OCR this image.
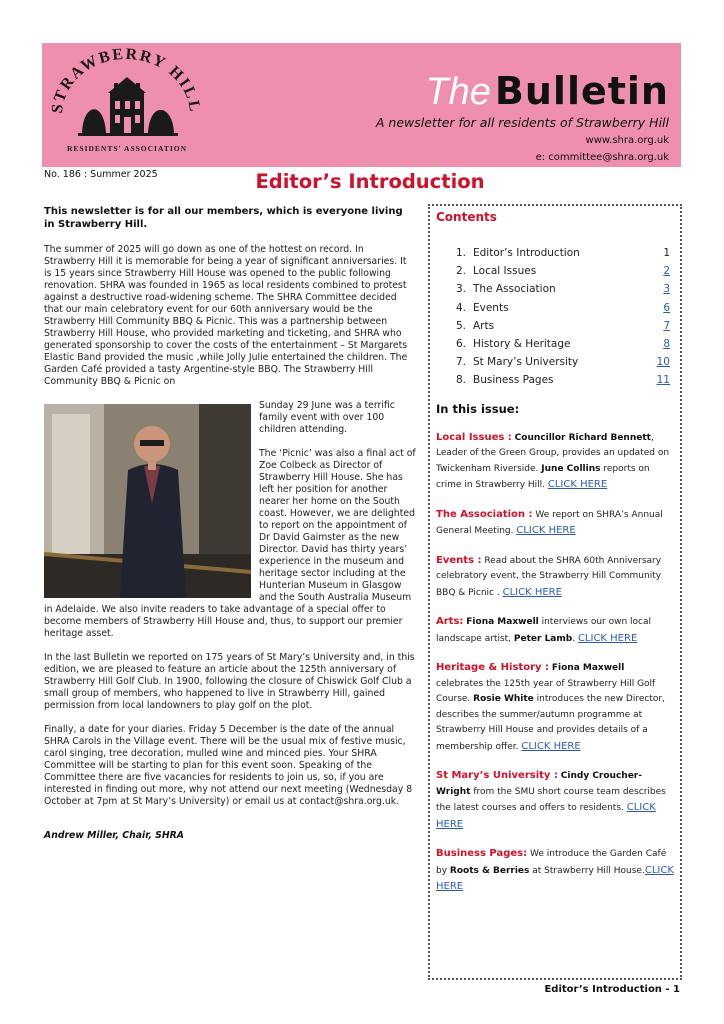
STRAWBERRY HILL
RESIDENTS' ASSOCIATION
The Bulletin
A newsletter for all residents of Strawberry Hill
www.shra.org.uk
e: committee@shra.org.uk
No. 186 : Summer 2025	Editor’s Introduction

This newsletter is for all our members, which is everyone living in Strawberry Hill.

The summer of 2025 will go down as one of the hottest on record. In Strawberry Hill it is memorable for being a year of significant anniversaries. It is 15 years since Strawberry Hill House was opened to the public following renovation. SHRA was founded in 1965 as local residents combined to protest against a destructive road-widening scheme. The SHRA Committee decided that our main celebratory event for our 60th anniversary would be the Strawberry Hill Community BBQ & Picnic. This was a partnership between Strawberry Hill House, who provided marketing and ticketing, and SHRA who generated sponsorship to cover the costs of the entertainment – St Margarets Elastic Band provided the music ,while Jolly Julie entertained the children. The Garden Café provided a tasty Argentine-style BBQ. The Strawberry Hill Community BBQ & Picnic on

Sunday 29 June was a terrific family event with over 100 children attending.

The ‘Picnic’ was also a final act of Zoe Colbeck as Director of Strawberry Hill House. She has left her position for another nearer her home on the South coast. However, we are delighted to report on the appointment of Dr David Gaimster as the new Director. David has thirty years’ experience in the museum and heritage sector including at the Hunterian Museum in Glasgow and the South Australia Museum in Adelaide. We also invite readers to take advantage of a special offer to become members of Strawberry Hill House and, thus, to support our premier heritage asset.

In the last Bulletin we reported on 175 years of St Mary’s University and, in this edition, we are pleased to feature an article about the 125th anniversary of Strawberry Hill Golf Club. In 1900, following the closure of Chiswick Golf Club a small group of members, who happened to live in Strawberry Hill, gained permission from local landowners to play golf on the plot.

Finally, a date for your diaries. Friday 5 December is the date of the annual SHRA Carols in the Village event. There will be the usual mix of festive music, carol singing, tree decoration, mulled wine and minced pies. Your SHRA Committee will be starting to plan for this event soon. Speaking of the Committee there are five vacancies for residents to join us, so, if you are interested in finding out more, why not attend our next meeting (Wednesday 8 October at 7pm at St Mary’s University) or email us at contact@shra.org.uk.

Andrew Miller, Chair, SHRA

Contents
1. Editor’s Introduction	1
2. Local Issues	2
3. The Association	3
4. Events	6
5. Arts	7
6. History & Heritage	8
7. St Mary’s University	10
8. Business Pages	11
In this issue:

Local Issues : Councillor Richard Bennett, Leader of the Green Group, provides an updated on Twickenham Riverside. June Collins reports on crime in Strawberry Hill. CLICK HERE

The Association : We report on SHRA’s Annual General Meeting. CLICK HERE

Events : Read about the SHRA 60th Anniversary celebratory event, the Strawberry Hill Community BBQ & Picnic . CLICK HERE

Arts: Fiona Maxwell interviews our own local landscape artist, Peter Lamb. CLICK HERE

Heritage & History : Fiona Maxwell celebrates the 125th year of Strawberry Hill Golf Course. Rosie White introduces the new Director, describes the summer/autumn programme at Strawberry Hill House and provides details of a membership offer. CLICK HERE

St Mary’s University : Cindy Croucher-Wright from the SMU short course team describes the latest courses and offers to residents. CLICK HERE

Business Pages: We introduce the Garden Café by Roots & Berries at Strawberry Hill House.CLICK HERE

Editor’s Introduction - 1
